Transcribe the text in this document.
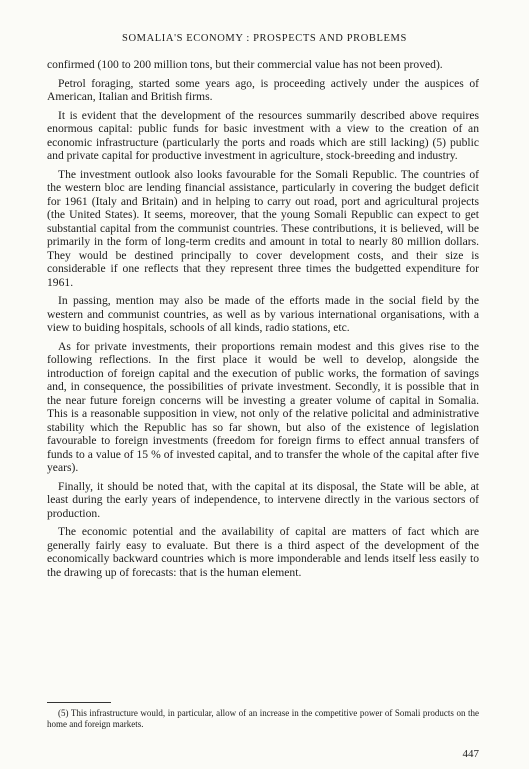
SOMALIA'S ECONOMY : PROSPECTS AND PROBLEMS

confirmed (100 to 200 million tons, but their commercial value has not been proved).

Petrol foraging, started some years ago, is proceeding actively under the auspices of American, Italian and British firms.

It is evident that the development of the resources summarily described above requires enormous capital: public funds for basic investment with a view to the creation of an economic infrastructure (particularly the ports and roads which are still lacking) (5) public and private capital for productive investment in agriculture, stock-breeding and industry.

The investment outlook also looks favourable for the Somali Republic. The countries of the western bloc are lending financial assistance, particularly in covering the budget deficit for 1961 (Italy and Britain) and in helping to carry out road, port and agricultural projects (the United States). It seems, moreover, that the young Somali Republic can expect to get substantial capital from the communist countries. These contributions, it is believed, will be primarily in the form of long-term credits and amount in total to nearly 80 million dollars. They would be destined principally to cover development costs, and their size is considerable if one reflects that they represent three times the budgetted expenditure for 1961.

In passing, mention may also be made of the efforts made in the social field by the western and communist countries, as well as by various international organisations, with a view to buiding hospitals, schools of all kinds, radio stations, etc.

As for private investments, their proportions remain modest and this gives rise to the following reflections. In the first place it would be well to develop, alongside the introduction of foreign capital and the execution of public works, the formation of savings and, in consequence, the possibilities of private investment. Secondly, it is possible that in the near future foreign concerns will be investing a greater volume of capital in Somalia. This is a reasonable supposition in view, not only of the relative policital and administrative stability which the Republic has so far shown, but also of the existence of legislation favourable to foreign investments (freedom for foreign firms to effect annual transfers of funds to a value of 15 % of invested capital, and to transfer the whole of the capital after five years).

Finally, it should be noted that, with the capital at its disposal, the State will be able, at least during the early years of independence, to intervene directly in the various sectors of production.

The economic potential and the availability of capital are matters of fact which are generally fairly easy to evaluate. But there is a third aspect of the development of the economically backward countries which is more imponderable and lends itself less easily to the drawing up of forecasts: that is the human element.

(5) This infrastructure would, in particular, allow of an increase in the competitive power of Somali products on the home and foreign markets.
447
